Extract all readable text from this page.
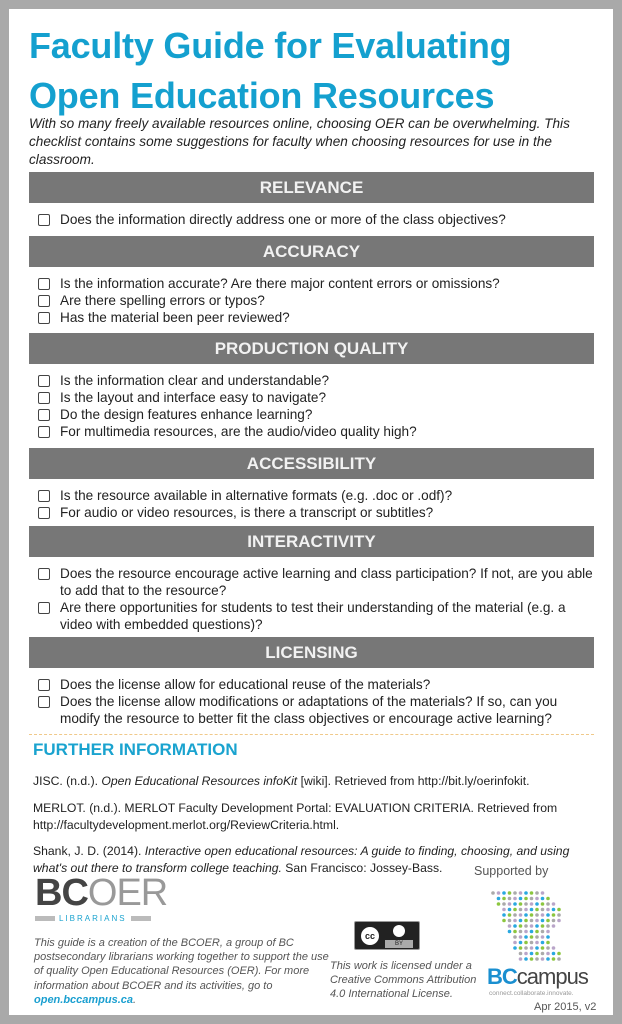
Faculty Guide for Evaluating
Open Education Resources
With so many freely available resources online, choosing OER can be overwhelming. This checklist contains some suggestions for faculty when choosing resources for use in the classroom.
RELEVANCE
Does the information directly address one or more of the class objectives?
ACCURACY
Is the information accurate? Are there major content errors or omissions?
Are there spelling errors or typos?
Has the material been peer reviewed?
PRODUCTION QUALITY
Is the information clear and understandable?
Is the layout and interface easy to navigate?
Do the design features enhance learning?
For multimedia resources, are the audio/video quality high?
ACCESSIBILITY
Is the resource available in alternative formats (e.g. .doc or .odf)?
For audio or video resources, is there a transcript or subtitles?
INTERACTIVITY
Does the resource encourage active learning and class participation? If not, are you able to add that to the resource?
Are there opportunities for students to test their understanding of the material (e.g. a video with embedded questions)?
LICENSING
Does the license allow for educational reuse of the materials?
Does the license allow modifications or adaptations of the materials? If so, can you modify the resource to better fit the class objectives or encourage active learning?
FURTHER INFORMATION
JISC. (n.d.). Open Educational Resources infoKit [wiki]. Retrieved from http://bit.ly/oerinfokit.
MERLOT. (n.d.). MERLOT Faculty Development Portal: EVALUATION CRITERIA. Retrieved from http://facultydevelopment.merlot.org/ReviewCriteria.html.
Shank, J. D. (2014). Interactive open educational resources: A guide to finding, choosing, and using what's out there to transform college teaching. San Francisco: Jossey-Bass.
BCOER
LIBRARIANS
This guide is a creation of the BCOER, a group of BC postsecondary librarians working together to support the use of quality Open Educational Resources (OER). For more information about BCOER and its activities, go to open.bccampus.ca.
cc
BY
This work is licensed under a Creative Commons Attribution 4.0 International License.
Supported by
BCcampus
connect.collaborate.innovate.
Apr 2015, v2
